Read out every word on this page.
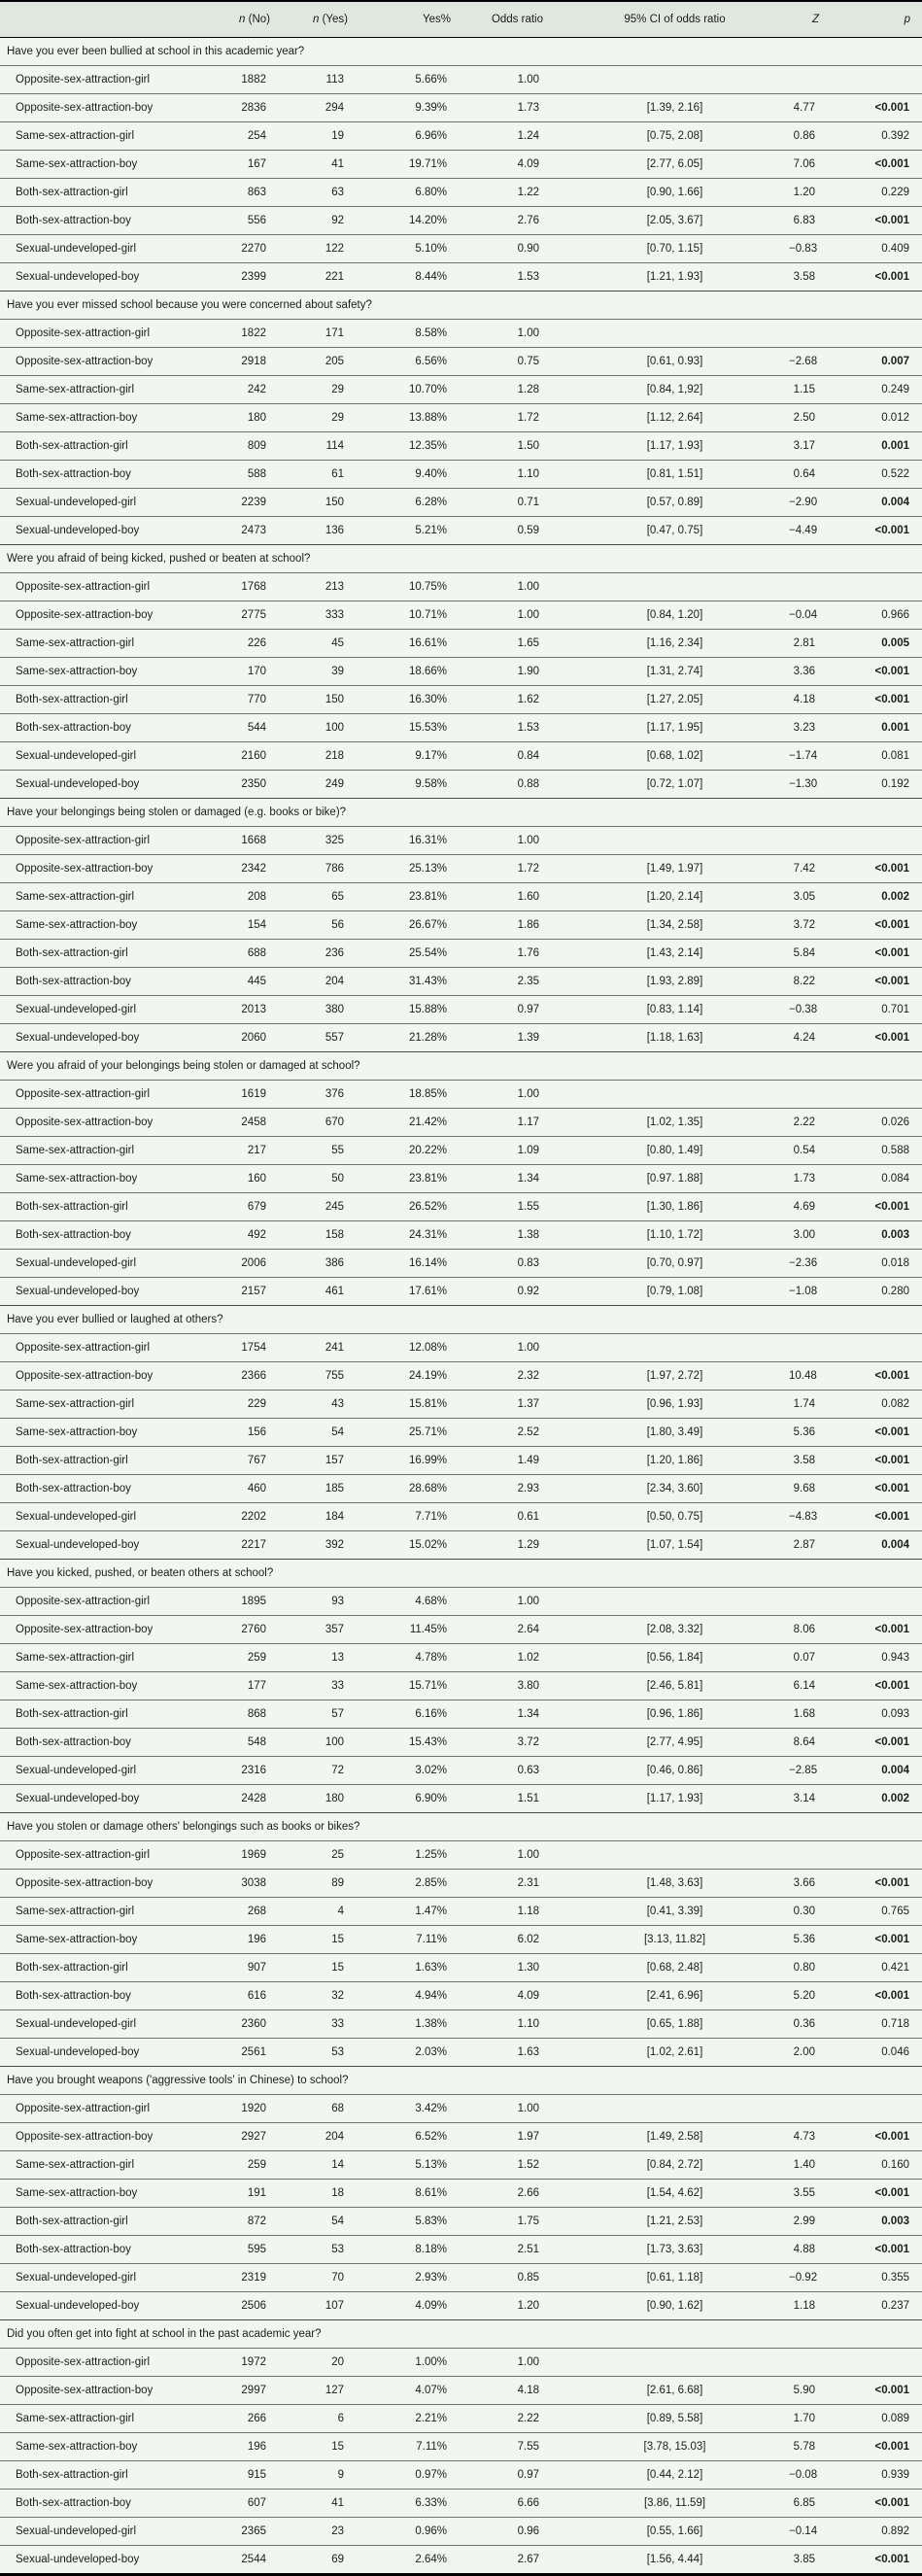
	n (No)	n (Yes)	Yes%	Odds ratio	95% CI of odds ratio	Z	p
Have you ever been bullied at school in this academic year?							
Opposite-sex-attraction-girl	1882	113	5.66%	1.00			
Opposite-sex-attraction-boy	2836	294	9.39%	1.73	[1.39, 2.16]	4.77	<0.001
Same-sex-attraction-girl	254	19	6.96%	1.24	[0.75, 2.08]	0.86	0.392
Same-sex-attraction-boy	167	41	19.71%	4.09	[2.77, 6.05]	7.06	<0.001
Both-sex-attraction-girl	863	63	6.80%	1.22	[0.90, 1.66]	1.20	0.229
Both-sex-attraction-boy	556	92	14.20%	2.76	[2.05, 3.67]	6.83	<0.001
Sexual-undeveloped-girl	2270	122	5.10%	0.90	[0.70, 1.15]	−0.83	0.409
Sexual-undeveloped-boy	2399	221	8.44%	1.53	[1.21, 1.93]	3.58	<0.001
Have you ever missed school because you were concerned about safety?							
Opposite-sex-attraction-girl	1822	171	8.58%	1.00			
Opposite-sex-attraction-boy	2918	205	6.56%	0.75	[0.61, 0.93]	−2.68	0.007
Same-sex-attraction-girl	242	29	10.70%	1.28	[0.84, 1,92]	1.15	0.249
Same-sex-attraction-boy	180	29	13.88%	1.72	[1.12, 2.64]	2.50	0.012
Both-sex-attraction-girl	809	114	12.35%	1.50	[1.17, 1.93]	3.17	0.001
Both-sex-attraction-boy	588	61	9.40%	1.10	[0.81, 1.51]	0.64	0.522
Sexual-undeveloped-girl	2239	150	6.28%	0.71	[0.57, 0.89]	−2.90	0.004
Sexual-undeveloped-boy	2473	136	5.21%	0.59	[0.47, 0.75]	−4.49	<0.001
Were you afraid of being kicked, pushed or beaten at school?							
Opposite-sex-attraction-girl	1768	213	10.75%	1.00			
Opposite-sex-attraction-boy	2775	333	10.71%	1.00	[0.84, 1.20]	−0.04	0.966
Same-sex-attraction-girl	226	45	16.61%	1.65	[1.16, 2.34]	2.81	0.005
Same-sex-attraction-boy	170	39	18.66%	1.90	[1.31, 2.74]	3.36	<0.001
Both-sex-attraction-girl	770	150	16.30%	1.62	[1.27, 2.05]	4.18	<0.001
Both-sex-attraction-boy	544	100	15.53%	1.53	[1.17, 1.95]	3.23	0.001
Sexual-undeveloped-girl	2160	218	9.17%	0.84	[0.68, 1.02]	−1.74	0.081
Sexual-undeveloped-boy	2350	249	9.58%	0.88	[0.72, 1.07]	−1.30	0.192
Have your belongings being stolen or damaged (e.g. books or bike)?							
Opposite-sex-attraction-girl	1668	325	16.31%	1.00			
Opposite-sex-attraction-boy	2342	786	25.13%	1.72	[1.49, 1.97]	7.42	<0.001
Same-sex-attraction-girl	208	65	23.81%	1.60	[1.20, 2.14]	3.05	0.002
Same-sex-attraction-boy	154	56	26.67%	1.86	[1.34, 2.58]	3.72	<0.001
Both-sex-attraction-girl	688	236	25.54%	1.76	[1.43, 2.14]	5.84	<0.001
Both-sex-attraction-boy	445	204	31.43%	2.35	[1.93, 2.89]	8.22	<0.001
Sexual-undeveloped-girl	2013	380	15.88%	0.97	[0.83, 1.14]	−0.38	0.701
Sexual-undeveloped-boy	2060	557	21.28%	1.39	[1.18, 1.63]	4.24	<0.001
Were you afraid of your belongings being stolen or damaged at school?							
Opposite-sex-attraction-girl	1619	376	18.85%	1.00			
Opposite-sex-attraction-boy	2458	670	21.42%	1.17	[1.02, 1.35]	2.22	0.026
Same-sex-attraction-girl	217	55	20.22%	1.09	[0.80, 1.49]	0.54	0.588
Same-sex-attraction-boy	160	50	23.81%	1.34	[0.97. 1.88]	1.73	0.084
Both-sex-attraction-girl	679	245	26.52%	1.55	[1.30, 1.86]	4.69	<0.001
Both-sex-attraction-boy	492	158	24.31%	1.38	[1.10, 1.72]	3.00	0.003
Sexual-undeveloped-girl	2006	386	16.14%	0.83	[0.70, 0.97]	−2.36	0.018
Sexual-undeveloped-boy	2157	461	17.61%	0.92	[0.79, 1.08]	−1.08	0.280
Have you ever bullied or laughed at others?							
Opposite-sex-attraction-girl	1754	241	12.08%	1.00			
Opposite-sex-attraction-boy	2366	755	24.19%	2.32	[1.97, 2.72]	10.48	<0.001
Same-sex-attraction-girl	229	43	15.81%	1.37	[0.96, 1.93]	1.74	0.082
Same-sex-attraction-boy	156	54	25.71%	2.52	[1.80, 3.49]	5.36	<0.001
Both-sex-attraction-girl	767	157	16.99%	1.49	[1.20, 1.86]	3.58	<0.001
Both-sex-attraction-boy	460	185	28.68%	2.93	[2.34, 3.60]	9.68	<0.001
Sexual-undeveloped-girl	2202	184	7.71%	0.61	[0.50, 0.75]	−4.83	<0.001
Sexual-undeveloped-boy	2217	392	15.02%	1.29	[1.07, 1.54]	2.87	0.004
Have you kicked, pushed, or beaten others at school?							
Opposite-sex-attraction-girl	1895	93	4.68%	1.00			
Opposite-sex-attraction-boy	2760	357	11.45%	2.64	[2.08, 3.32]	8.06	<0.001
Same-sex-attraction-girl	259	13	4.78%	1.02	[0.56, 1.84]	0.07	0.943
Same-sex-attraction-boy	177	33	15.71%	3.80	[2.46, 5.81]	6.14	<0.001
Both-sex-attraction-girl	868	57	6.16%	1.34	[0.96, 1.86]	1.68	0.093
Both-sex-attraction-boy	548	100	15.43%	3.72	[2.77, 4.95]	8.64	<0.001
Sexual-undeveloped-girl	2316	72	3.02%	0.63	[0.46, 0.86]	−2.85	0.004
Sexual-undeveloped-boy	2428	180	6.90%	1.51	[1.17, 1.93]	3.14	0.002
Have you stolen or damage others' belongings such as books or bikes?							
Opposite-sex-attraction-girl	1969	25	1.25%	1.00			
Opposite-sex-attraction-boy	3038	89	2.85%	2.31	[1.48, 3.63]	3.66	<0.001
Same-sex-attraction-girl	268	4	1.47%	1.18	[0.41, 3.39]	0.30	0.765
Same-sex-attraction-boy	196	15	7.11%	6.02	[3.13, 11.82]	5.36	<0.001
Both-sex-attraction-girl	907	15	1.63%	1.30	[0.68, 2.48]	0.80	0.421
Both-sex-attraction-boy	616	32	4.94%	4.09	[2.41, 6.96]	5.20	<0.001
Sexual-undeveloped-girl	2360	33	1.38%	1.10	[0.65, 1.88]	0.36	0.718
Sexual-undeveloped-boy	2561	53	2.03%	1.63	[1.02, 2.61]	2.00	0.046
Have you brought weapons ('aggressive tools' in Chinese) to school?							
Opposite-sex-attraction-girl	1920	68	3.42%	1.00			
Opposite-sex-attraction-boy	2927	204	6.52%	1.97	[1.49, 2.58]	4.73	<0.001
Same-sex-attraction-girl	259	14	5.13%	1.52	[0.84, 2.72]	1.40	0.160
Same-sex-attraction-boy	191	18	8.61%	2.66	[1.54, 4.62]	3.55	<0.001
Both-sex-attraction-girl	872	54	5.83%	1.75	[1.21, 2.53]	2.99	0.003
Both-sex-attraction-boy	595	53	8.18%	2.51	[1.73, 3.63]	4.88	<0.001
Sexual-undeveloped-girl	2319	70	2.93%	0.85	[0.61, 1.18]	−0.92	0.355
Sexual-undeveloped-boy	2506	107	4.09%	1.20	[0.90, 1.62]	1.18	0.237
Did you often get into fight at school in the past academic year?							
Opposite-sex-attraction-girl	1972	20	1.00%	1.00			
Opposite-sex-attraction-boy	2997	127	4.07%	4.18	[2.61, 6.68]	5.90	<0.001
Same-sex-attraction-girl	266	6	2.21%	2.22	[0.89, 5.58]	1.70	0.089
Same-sex-attraction-boy	196	15	7.11%	7.55	[3.78, 15.03]	5.78	<0.001
Both-sex-attraction-girl	915	9	0.97%	0.97	[0.44, 2.12]	−0.08	0.939
Both-sex-attraction-boy	607	41	6.33%	6.66	[3.86, 11.59]	6.85	<0.001
Sexual-undeveloped-girl	2365	23	0.96%	0.96	[0.55, 1.66]	−0.14	0.892
Sexual-undeveloped-boy	2544	69	2.64%	2.67	[1.56, 4.44]	3.85	<0.001
